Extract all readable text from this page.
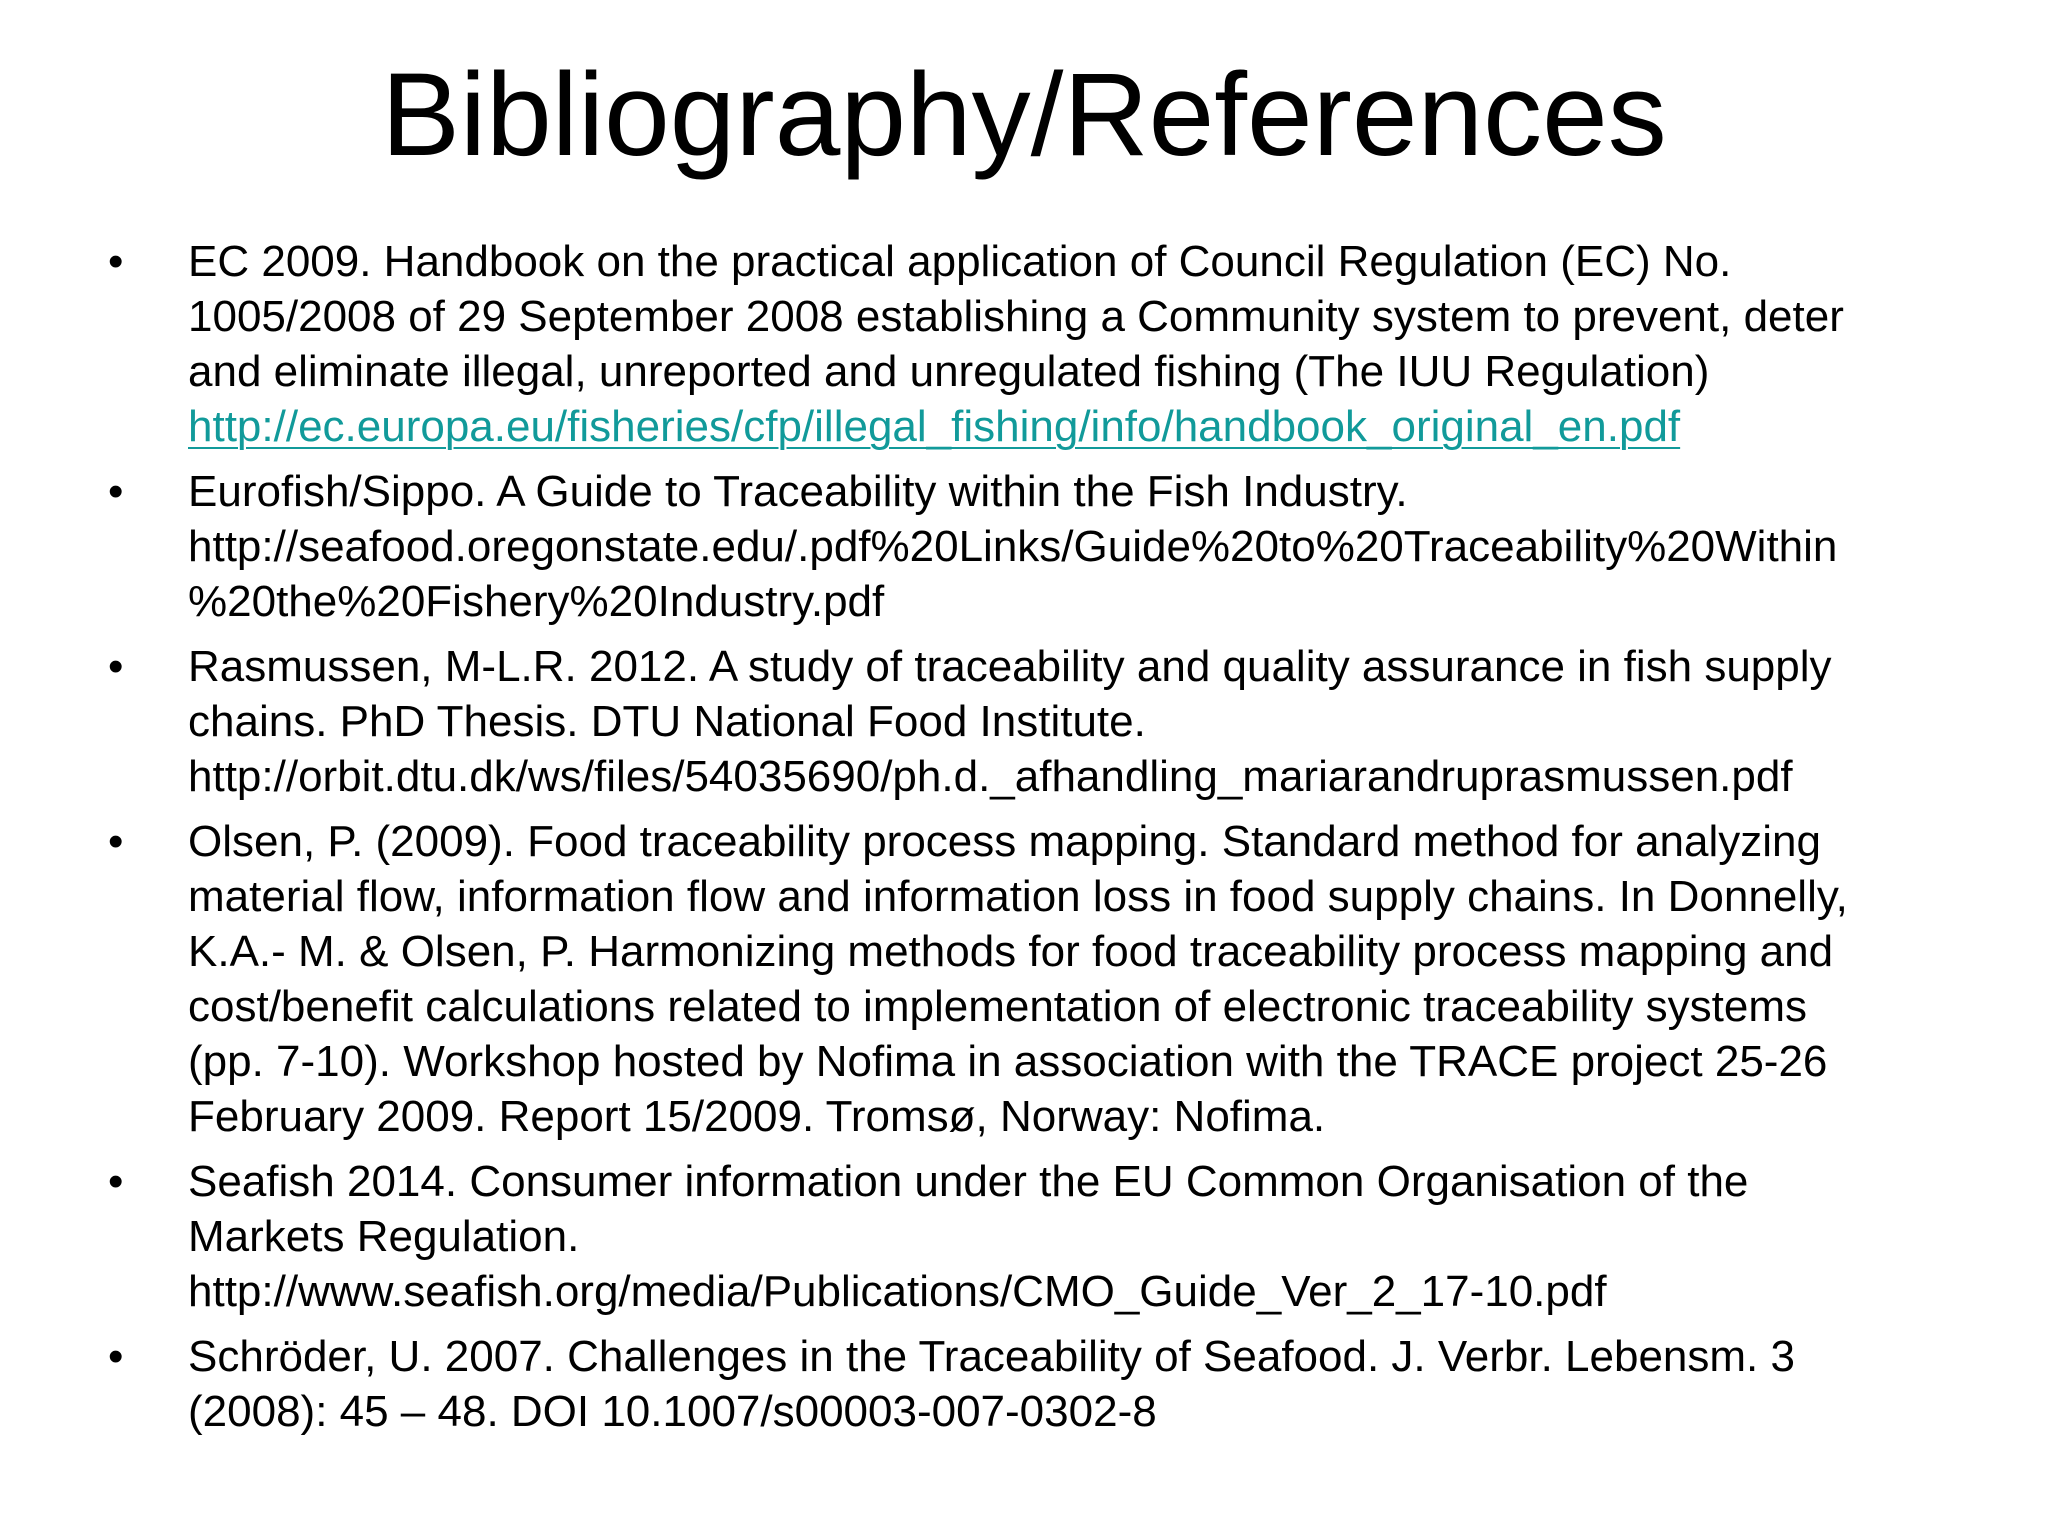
Bibliography/References
•	EC 2009. Handbook on the practical application of Council Regulation (EC) No.
1005/2008 of 29 September 2008 establishing a Community system to prevent, deter
and eliminate illegal, unreported and unregulated fishing (The IUU Regulation)
http://ec.europa.eu/fisheries/cfp/illegal_fishing/info/handbook_original_en.pdf
•	Eurofish/Sippo. A Guide to Traceability within the Fish Industry.
http://seafood.oregonstate.edu/.pdf%20Links/Guide%20to%20Traceability%20Within
%20the%20Fishery%20Industry.pdf
•	Rasmussen, M-L.R. 2012. A study of traceability and quality assurance in fish supply
chains. PhD Thesis. DTU National Food Institute.
http://orbit.dtu.dk/ws/files/54035690/ph.d._afhandling_mariarandruprasmussen.pdf
•	Olsen, P. (2009). Food traceability process mapping. Standard method for analyzing
material flow, information flow and information loss in food supply chains. In Donnelly,
K.A.- M. & Olsen, P. Harmonizing methods for food traceability process mapping and
cost/benefit calculations related to implementation of electronic traceability systems
(pp. 7-10). Workshop hosted by Nofima in association with the TRACE project 25-26
February 2009. Report 15/2009. Tromsø, Norway: Nofima.
•	Seafish 2014. Consumer information under the EU Common Organisation of the
Markets Regulation.
http://www.seafish.org/media/Publications/CMO_Guide_Ver_2_17-10.pdf
•	Schröder, U. 2007. Challenges in the Traceability of Seafood. J. Verbr. Lebensm. 3
(2008): 45 – 48. DOI 10.1007/s00003-007-0302-8
